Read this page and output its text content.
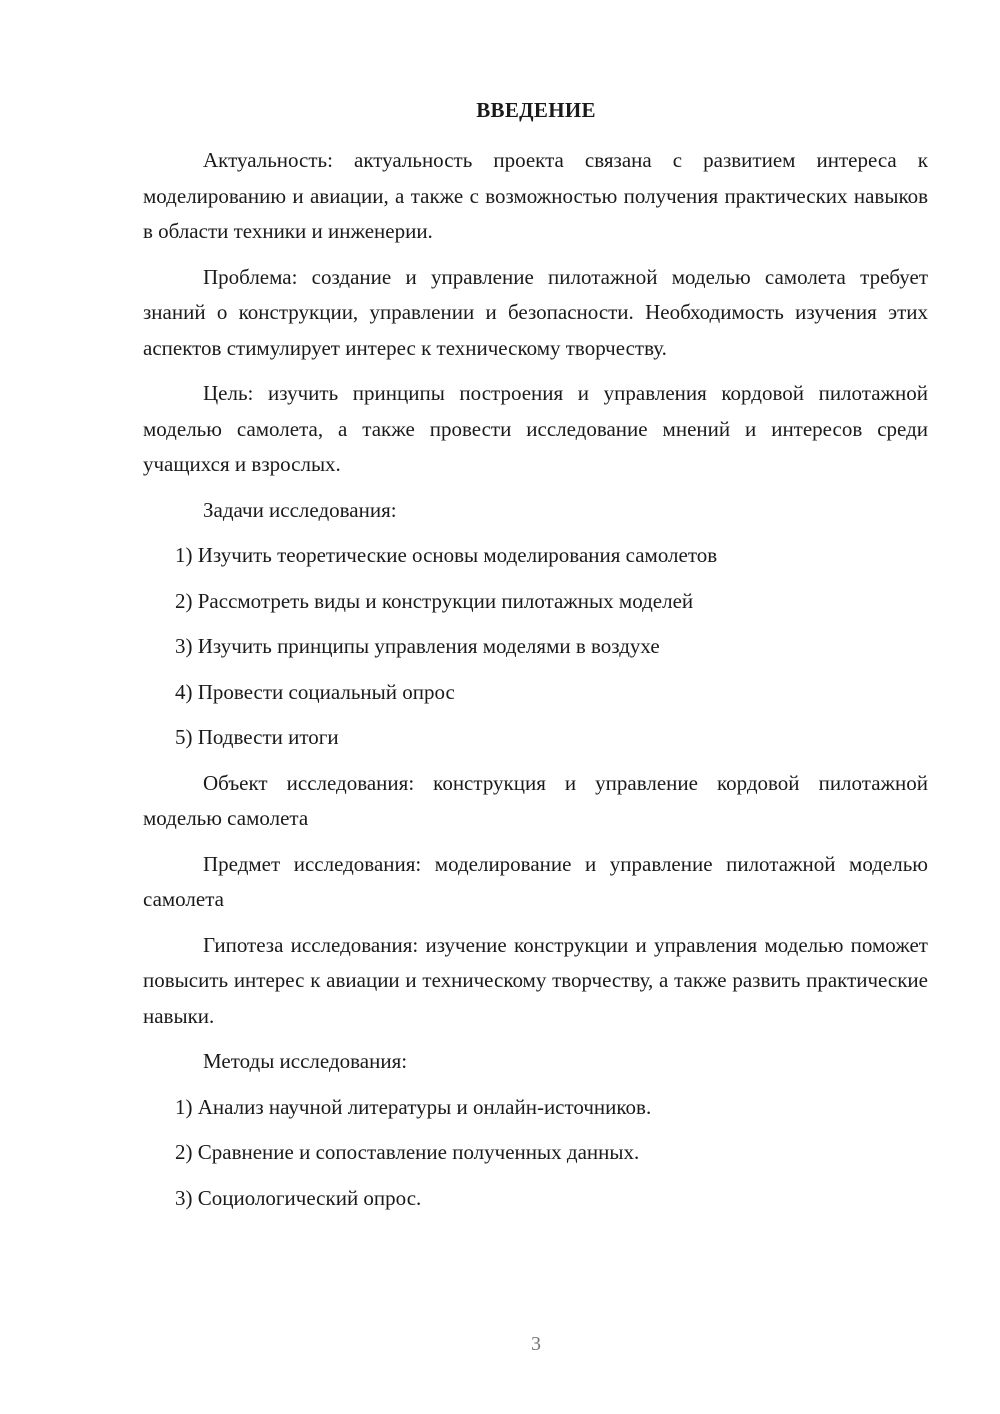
ВВЕДЕНИЕ

Актуальность: актуальность проекта связана с развитием интереса к моделированию и авиации, а также с возможностью получения практических навыков в области техники и инженерии.

Проблема: создание и управление пилотажной моделью самолета требует знаний о конструкции, управлении и безопасности. Необходимость изучения этих аспектов стимулирует интерес к техническому творчеству.

Цель: изучить принципы построения и управления кордовой пилотажной моделью самолета, а также провести исследование мнений и интересов среди учащихся и взрослых.

Задачи исследования:

1) Изучить теоретические основы моделирования самолетов
2) Рассмотреть виды и конструкции пилотажных моделей
3) Изучить принципы управления моделями в воздухе
4) Провести социальный опрос
5) Подвести итоги

Объект исследования: конструкция и управление кордовой пилотажной моделью самолета

Предмет исследования: моделирование и управление пилотажной моделью самолета

Гипотеза исследования: изучение конструкции и управления моделью поможет повысить интерес к авиации и техническому творчеству, а также развить практические навыки.

Методы исследования:

1) Анализ научной литературы и онлайн-источников.
2) Сравнение и сопоставление полученных данных.
3) Социологический опрос.
3
